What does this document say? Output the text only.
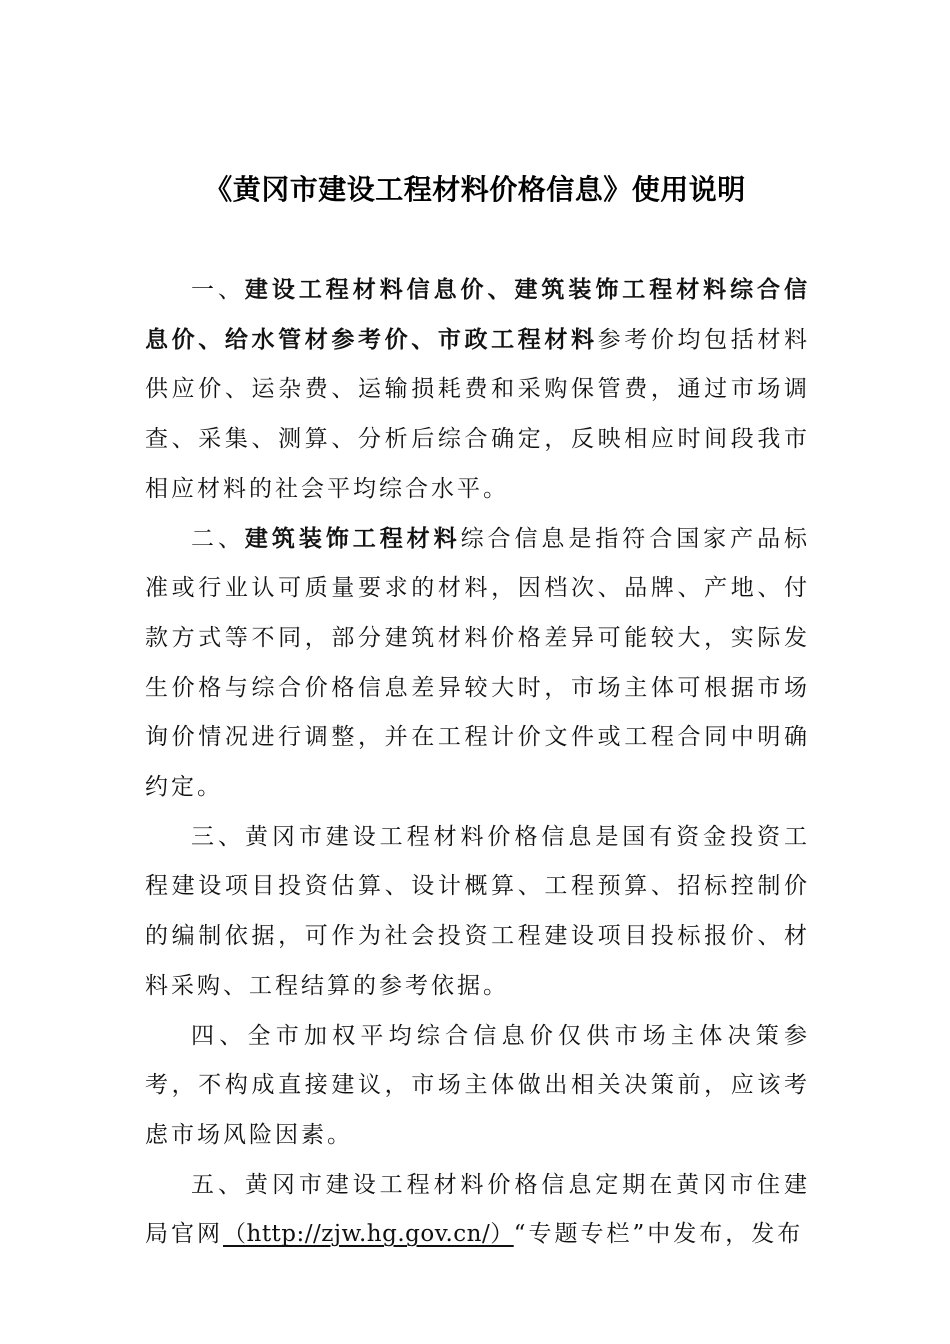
《黄冈市建设工程材料价格信息》使用说明

一、建设工程材料信息价、建筑装饰工程材料综合信息价、给水管材参考价、市政工程材料参考价均包括材料供应价、运杂费、运输损耗费和采购保管费，通过市场调查、采集、测算、分析后综合确定，反映相应时间段我市相应材料的社会平均综合水平。

二、建筑装饰工程材料综合信息是指符合国家产品标准或行业认可质量要求的材料，因档次、品牌、产地、付款方式等不同，部分建筑材料价格差异可能较大，实际发生价格与综合价格信息差异较大时，市场主体可根据市场询价情况进行调整，并在工程计价文件或工程合同中明确约定。

三、黄冈市建设工程材料价格信息是国有资金投资工程建设项目投资估算、设计概算、工程预算、招标控制价的编制依据，可作为社会投资工程建设项目投标报价、材料采购、工程结算的参考依据。

四、全市加权平均综合信息价仅供市场主体决策参考，不构成直接建议，市场主体做出相关决策前，应该考虑市场风险因素。

五、黄冈市建设工程材料价格信息定期在黄冈市住建局官网（http://zjw.hg.gov.cn/）“专题专栏”中发布，发布
